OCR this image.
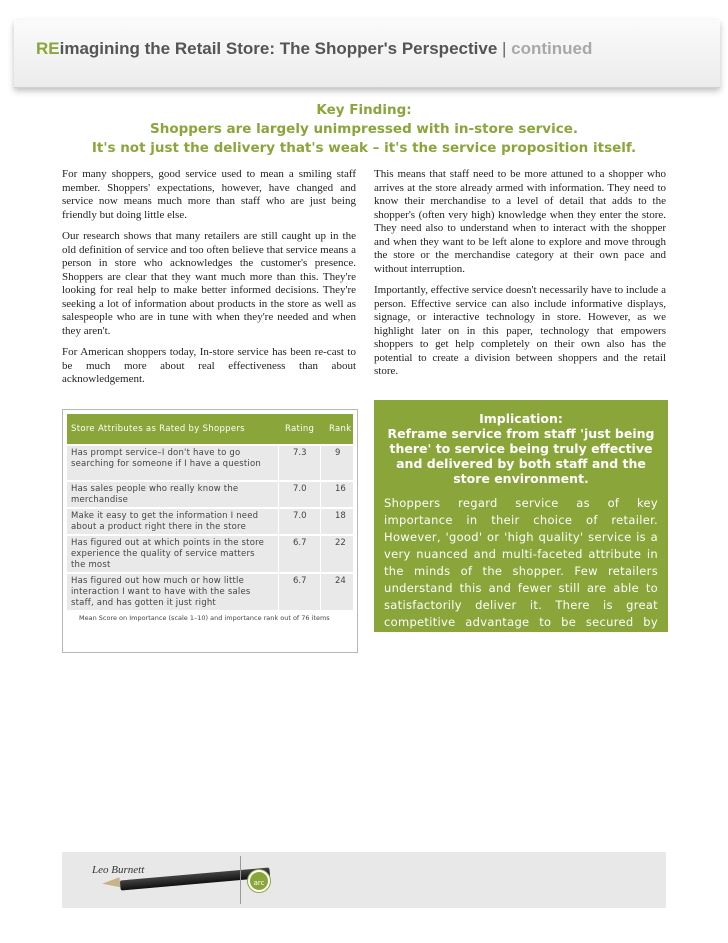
REimagining the Retail Store: The Shopper's Perspective | continued
Key Finding:
Shoppers are largely unimpressed with in-store service.
It's not just the delivery that's weak – it's the service proposition itself.

For many shoppers, good service used to mean a smiling staff member. Shoppers' expectations, however, have changed and service now means much more than staff who are just being friendly but doing little else.

Our research shows that many retailers are still caught up in the old definition of service and too often believe that service means a person in store who acknowledges the customer's presence. Shoppers are clear that they want much more than this. They're looking for real help to make better informed decisions. They're seeking a lot of information about products in the store as well as salespeople who are in tune with when they're needed and when they aren't.

For American shoppers today, In-store service has been re-cast to be much more about real effectiveness than about acknowledgement.

This means that staff need to be more attuned to a shopper who arrives at the store already armed with information. They need to know their merchandise to a level of detail that adds to the shopper's (often very high) knowledge when they enter the store. They need also to understand when to interact with the shopper and when they want to be left alone to explore and move through the store or the merchandise category at their own pace and without interruption.

Importantly, effective service doesn't necessarily have to include a person. Effective service can also include informative displays, signage, or interactive technology in store. However, as we highlight later on in this paper, technology that empowers shoppers to get help completely on their own also has the potential to create a division between shoppers and the retail store.

Store Attributes as Rated by Shoppers	Rating Rank
Has prompt service–I don't have to go searching for someone if I have a question
7.3	9
Has sales people who really know the merchandise
7.0	16
Make it easy to get the information I need about a product right there in the store
7.0	18
Has figured out at which points in the store experience the quality of service matters the most
6.7	22
Has figured out how much or how little interaction I want to have with the sales staff, and has gotten it just right
6.7	24
Mean Score on Importance (scale 1–10) and importance rank out of 76 items
Implication:
Reframe service from staff 'just being there' to service being truly effective and delivered by both staff and the store environment.
Shoppers regard service as of key importance in their choice of retailer. However, 'good' or 'high quality' service is a very nuanced and multi-faceted attribute in the minds of the shopper. Few retailers understand this and fewer still are able to satisfactorily deliver it. There is great competitive advantage to be secured by those who do.
Leo Burnett
arc
